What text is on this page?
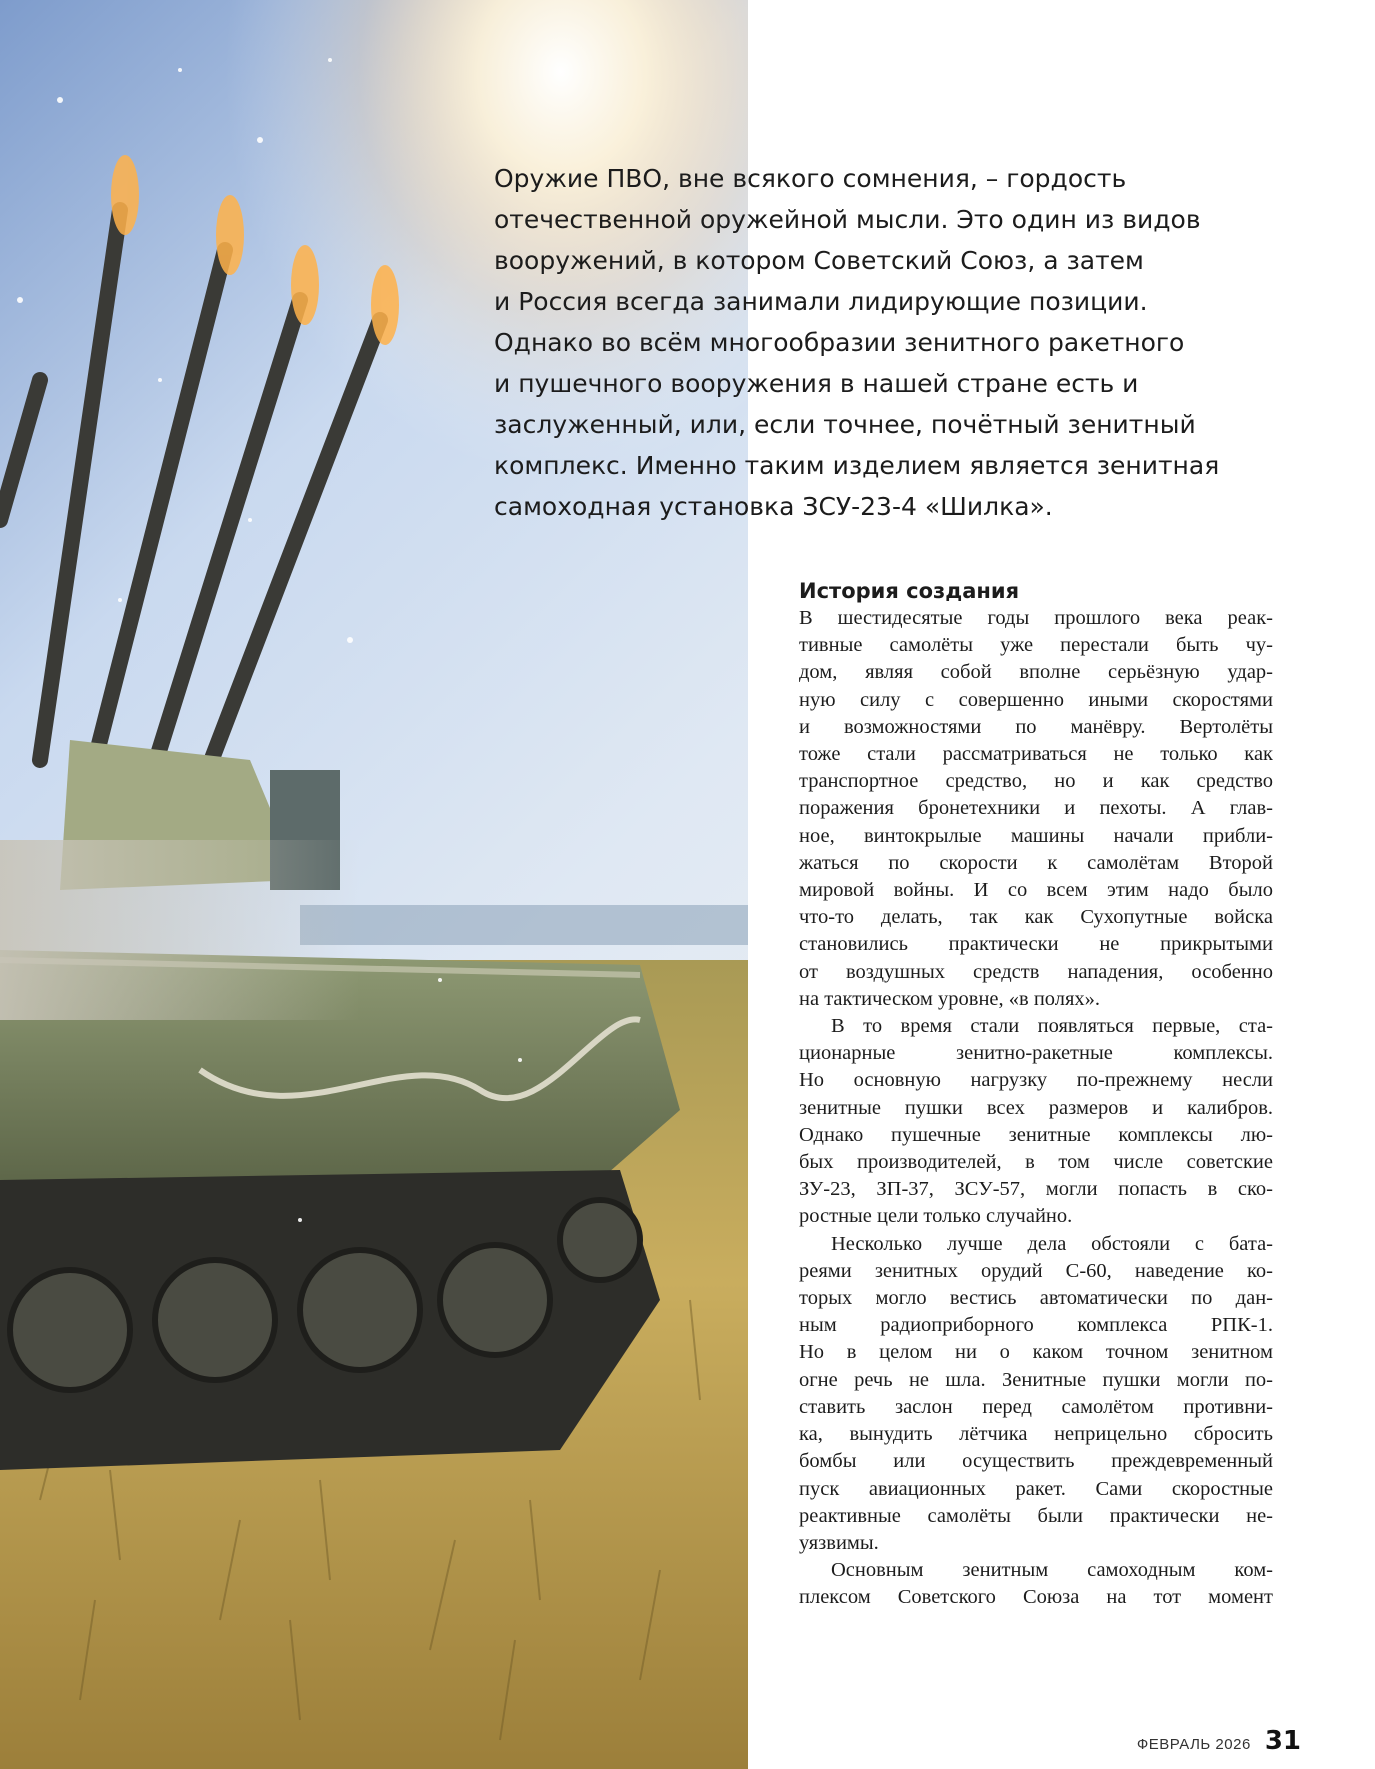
Оружие ПВО, вне всякого сомнения, – гордость
отечественной оружейной мысли. Это один из видов
вооружений, в котором Советский Союз, а затем
и Россия всегда занимали лидирующие позиции.
Однако во всём многообразии зенитного ракетного
и пушечного вооружения в нашей стране есть и
заслуженный, или, если точнее, почётный зенитный
комплекс. Именно таким изделием является зенитная
самоходная установка ЗСУ-23-4 «Шилка».
История создания
В шестидесятые годы прошлого века реак-
тивные самолёты уже перестали быть чу-
дом, являя собой вполне серьёзную удар-
ную силу с совершенно иными скоростями
и возможностями по манёвру. Вертолёты
тоже стали рассматриваться не только как
транспортное средство, но и как средство
поражения бронетехники и пехоты. А глав-
ное, винтокрылые машины начали прибли-
жаться по скорости к самолётам Второй
мировой войны. И со всем этим надо было
что-то делать, так как Сухопутные войска
становились практически не прикрытыми
от воздушных средств нападения, особенно
на тактическом уровне, «в полях».
В то время стали появляться первые, ста-
ционарные зенитно-ракетные комплексы.
Но основную нагрузку по-прежнему несли
зенитные пушки всех размеров и калибров.
Однако пушечные зенитные комплексы лю-
бых производителей, в том числе советские
ЗУ-23, ЗП-37, ЗСУ-57, могли попасть в ско-
ростные цели только случайно.
Несколько лучше дела обстояли с бата-
реями зенитных орудий С-60, наведение ко-
торых могло вестись автоматически по дан-
ным радиоприборного комплекса РПК-1.
Но в целом ни о каком точном зенитном
огне речь не шла. Зенитные пушки могли по-
ставить заслон перед самолётом противни-
ка, вынудить лётчика неприцельно сбросить
бомбы или осуществить преждевременный
пуск авиационных ракет. Сами скоростные
реактивные самолёты были практически не-
уязвимы.
Основным зенитным самоходным ком-
плексом Советского Союза на тот момент
ФЕВРАЛЬ 2026 31
